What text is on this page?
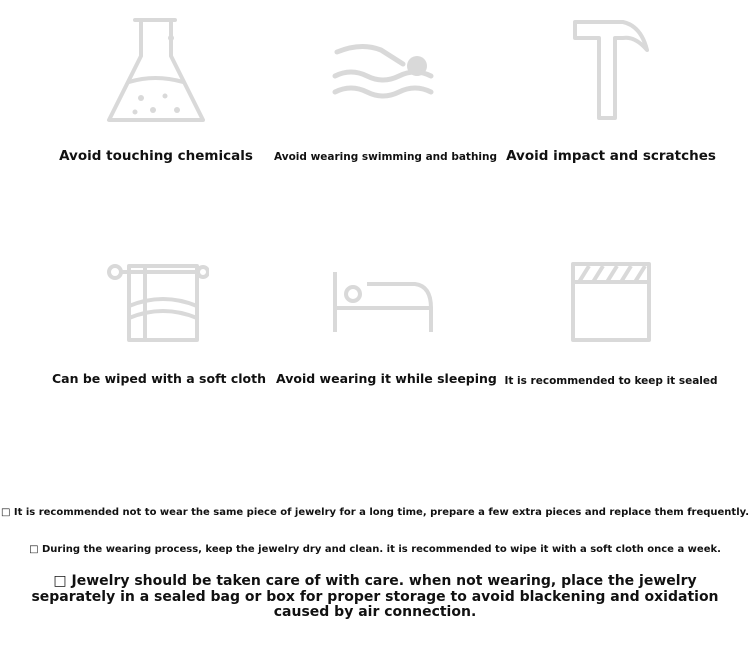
Avoid touching chemicals	Avoid wearing swimming and bathing Avoid impact and scratches
Can be wiped with a soft cloth Avoid wearing it while sleeping It is recommended to keep it sealed
□ It is recommended not to wear the same piece of jewelry for a long time, prepare a few extra pieces and replace them frequently.
□ During the wearing process, keep the jewelry dry and clean. it is recommended to wipe it with a soft cloth once a week.
□ Jewelry should be taken care of with care. when not wearing, place the jewelry separately in a sealed bag or box for proper storage to avoid blackening and oxidation caused by air connection.
